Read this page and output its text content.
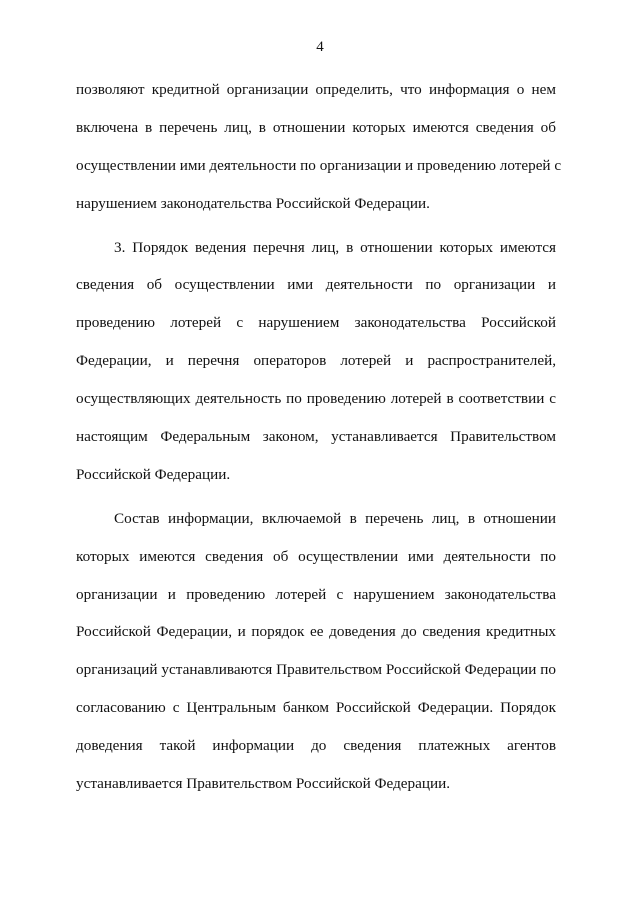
4
позволяют кредитной организации определить, что информация о нем
включена в перечень лиц, в отношении которых имеются сведения об
осуществлении ими деятельности по организации и проведению лотерей с
нарушением законодательства Российской Федерации.
3. Порядок ведения перечня лиц, в отношении которых имеются
сведения об осуществлении ими деятельности по организации и
проведению лотерей с нарушением законодательства Российской
Федерации, и перечня операторов лотерей и распространителей,
осуществляющих деятельность по проведению лотерей в соответствии с
настоящим Федеральным законом, устанавливается Правительством
Российской Федерации.
Состав информации, включаемой в перечень лиц, в отношении
которых имеются сведения об осуществлении ими деятельности по
организации и проведению лотерей с нарушением законодательства
Российской Федерации, и порядок ее доведения до сведения кредитных
организаций устанавливаются Правительством Российской Федерации по
согласованию с Центральным банком Российской Федерации. Порядок
доведения такой информации до сведения платежных агентов
устанавливается Правительством Российской Федерации.
